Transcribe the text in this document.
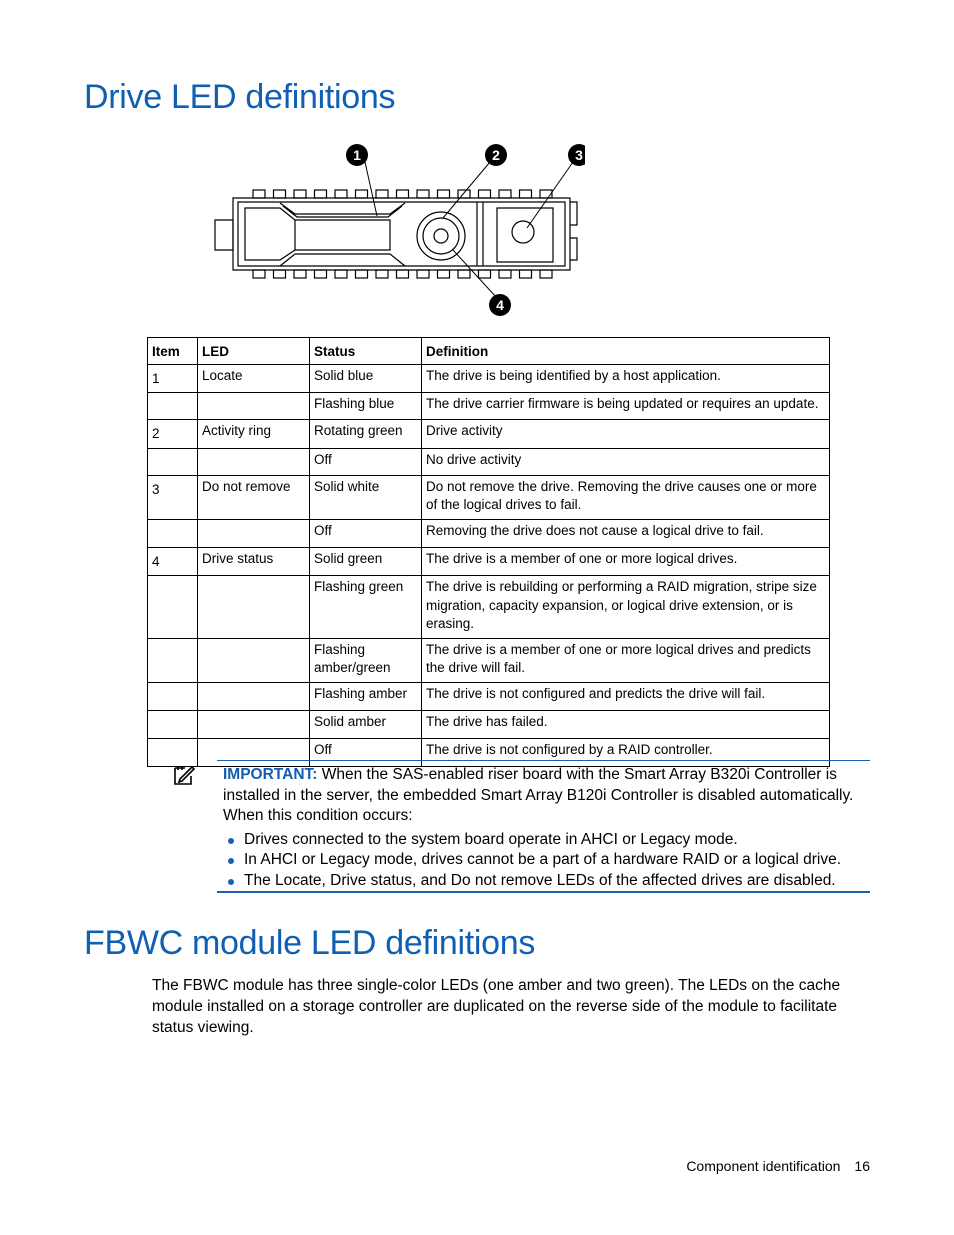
Drive LED definitions
1	2	3
4
Item	LED	Status	Definition
1	Locate	Solid blue	The drive is being identified by a host application.
		Flashing blue	The drive carrier firmware is being updated or requires an update.
2	Activity ring	Rotating green	Drive activity
		Off	No drive activity
3	Do not remove	Solid white	Do not remove the drive. Removing the drive causes one or more of the logical drives to fail.
		Off	Removing the drive does not cause a logical drive to fail.
4	Drive status	Solid green	The drive is a member of one or more logical drives.
		Flashing green	The drive is rebuilding or performing a RAID migration, stripe size migration, capacity expansion, or logical drive extension, or is erasing.
		Flashing amber/green	The drive is a member of one or more logical drives and predicts the drive will fail.
		Flashing amber	The drive is not configured and predicts the drive will fail.
		Solid amber	The drive has failed.
		Off	The drive is not configured by a RAID controller.
IMPORTANT: When the SAS-enabled riser board with the Smart Array B320i Controller is installed in the server, the embedded Smart Array B120i Controller is disabled automatically. When this condition occurs:
Drives connected to the system board operate in AHCI or Legacy mode.
In AHCI or Legacy mode, drives cannot be a part of a hardware RAID or a logical drive.
The Locate, Drive status, and Do not remove LEDs of the affected drives are disabled.
FBWC module LED definitions

The FBWC module has three single-color LEDs (one amber and two green). The LEDs on the cache module installed on a storage controller are duplicated on the reverse side of the module to facilitate status viewing.

Component identification 16
